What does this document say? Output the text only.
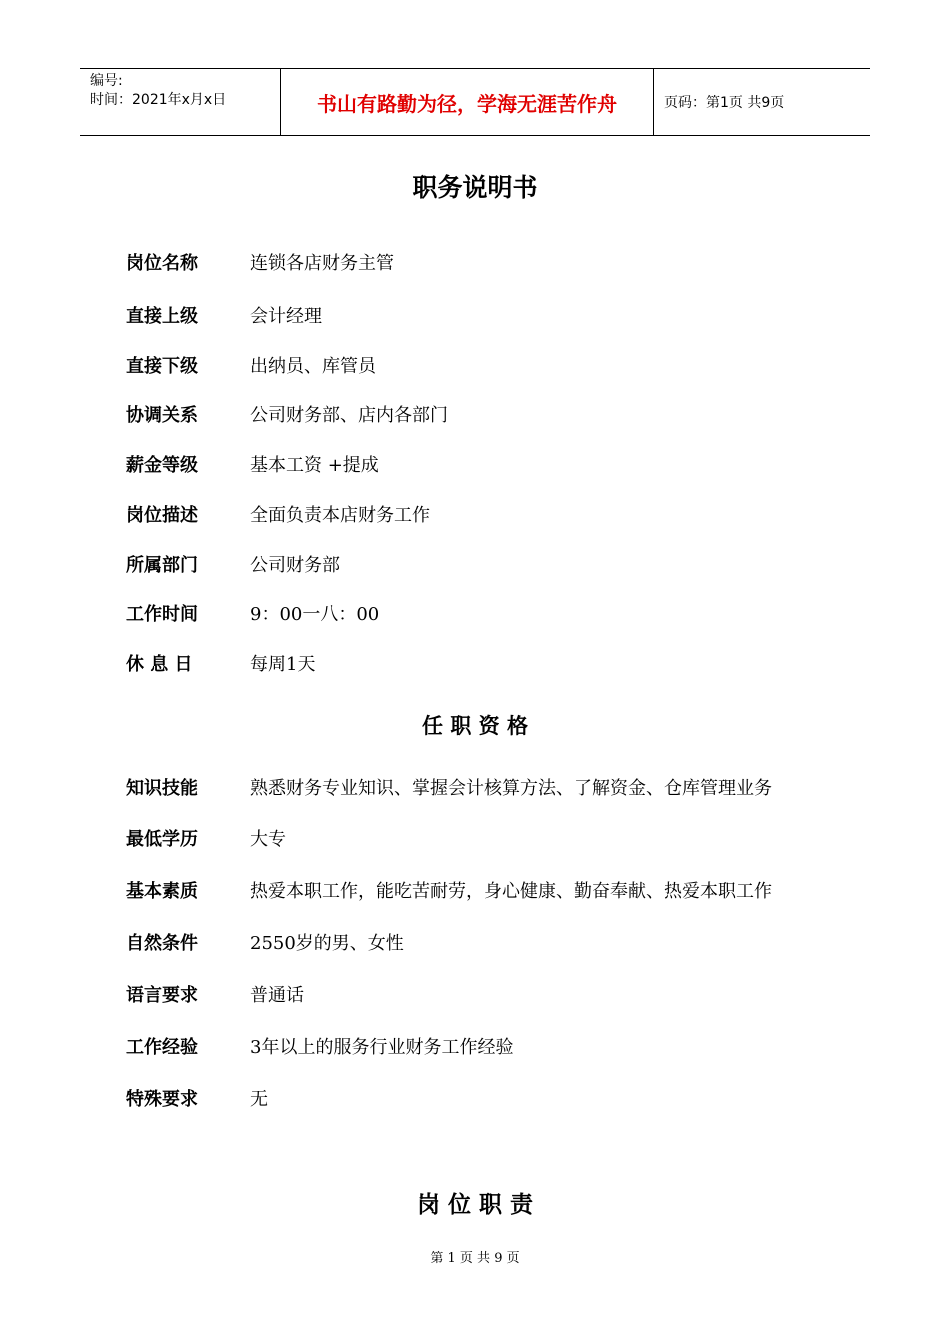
编号:
时间：2021年x月x日	书山有路勤为径，学海无涯苦作舟	页码：第1页 共9页
职务说明书
岗位名称	连锁各店财务主管
直接上级	会计经理
直接下级	出纳员、库管员
协调关系	公司财务部、店内各部门
薪金等级	基本工资 +提成
岗位描述	全面负责本店财务工作
所属部门	公司财务部
工作时间	9：00一八：00
休 息 日	每周1天
任 职 资 格
知识技能	熟悉财务专业知识、掌握会计核算方法、了解资金、仓库管理业务
最低学历	大专
基本素质	热爱本职工作，能吃苦耐劳，身心健康、勤奋奉献、热爱本职工作
自然条件	2550岁的男、女性
语言要求	普通话
工作经验	3年以上的服务行业财务工作经验
特殊要求	无
岗 位 职 责
第 1 页 共 9 页
